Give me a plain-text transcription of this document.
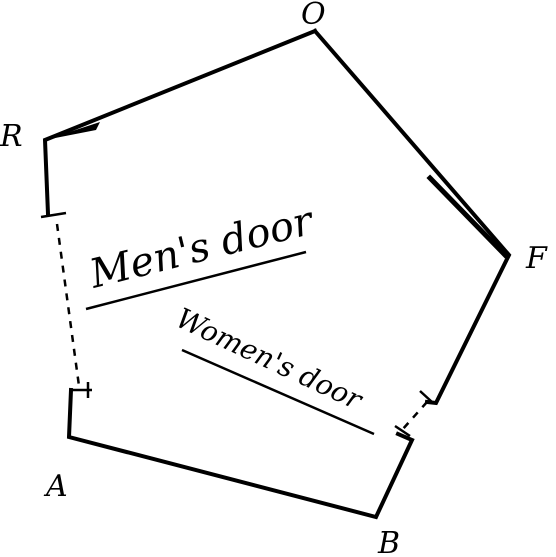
O
R
F
A
B
Men's door
Women's door
